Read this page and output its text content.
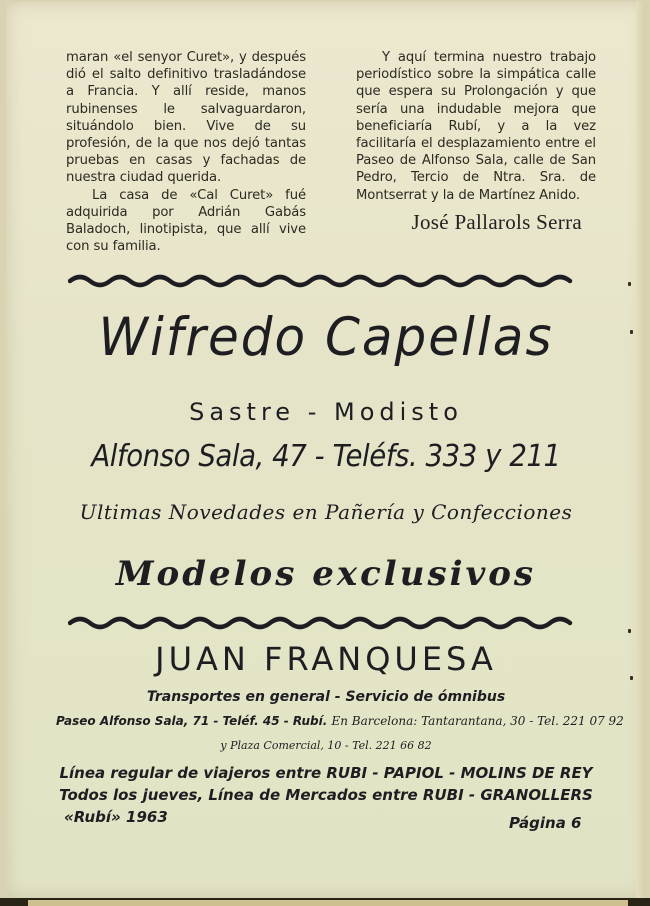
maran «el senyor Curet», y después dió el salto definitivo trasladándose a Francia. Y allí reside, manos rubinenses le salvaguardaron, situándolo bien. Vive de su profesión, de la que nos dejó tantas pruebas en casas y fachadas de nuestra ciudad querida.

La casa de «Cal Curet» fué adquirida por Adrián Gabás Baladoch, linotipista, que allí vive con su familia.

Y aquí termina nuestro trabajo periodístico sobre la simpática calle que espera su Prolongación y que sería una indudable mejora que beneficiaría Rubí, y a la vez facilitaría el desplazamiento entre el Paseo de Alfonso Sala, calle de San Pedro, Tercio de Ntra. Sra. de Montserrat y la de Martínez Anido.

José Pallarols Serra
Wifredo Capellas
Sastre - Modisto
Alfonso Sala, 47 - Teléfs. 333 y 211
Ultimas Novedades en Pañería y Confecciones
Modelos exclusivos
JUAN FRANQUESA
Transportes en general - Servicio de ómnibus
Paseo Alfonso Sala, 71 - Teléf. 45 - Rubí. En Barcelona: Tantarantana, 30 - Tel. 221 07 92
y Plaza Comercial, 10 - Tel. 221 66 82
Línea regular de viajeros entre RUBI - PAPIOL - MOLINS DE REY
Todos los jueves, Línea de Mercados entre RUBI - GRANOLLERS
«Rubí» 1963	Página 6
